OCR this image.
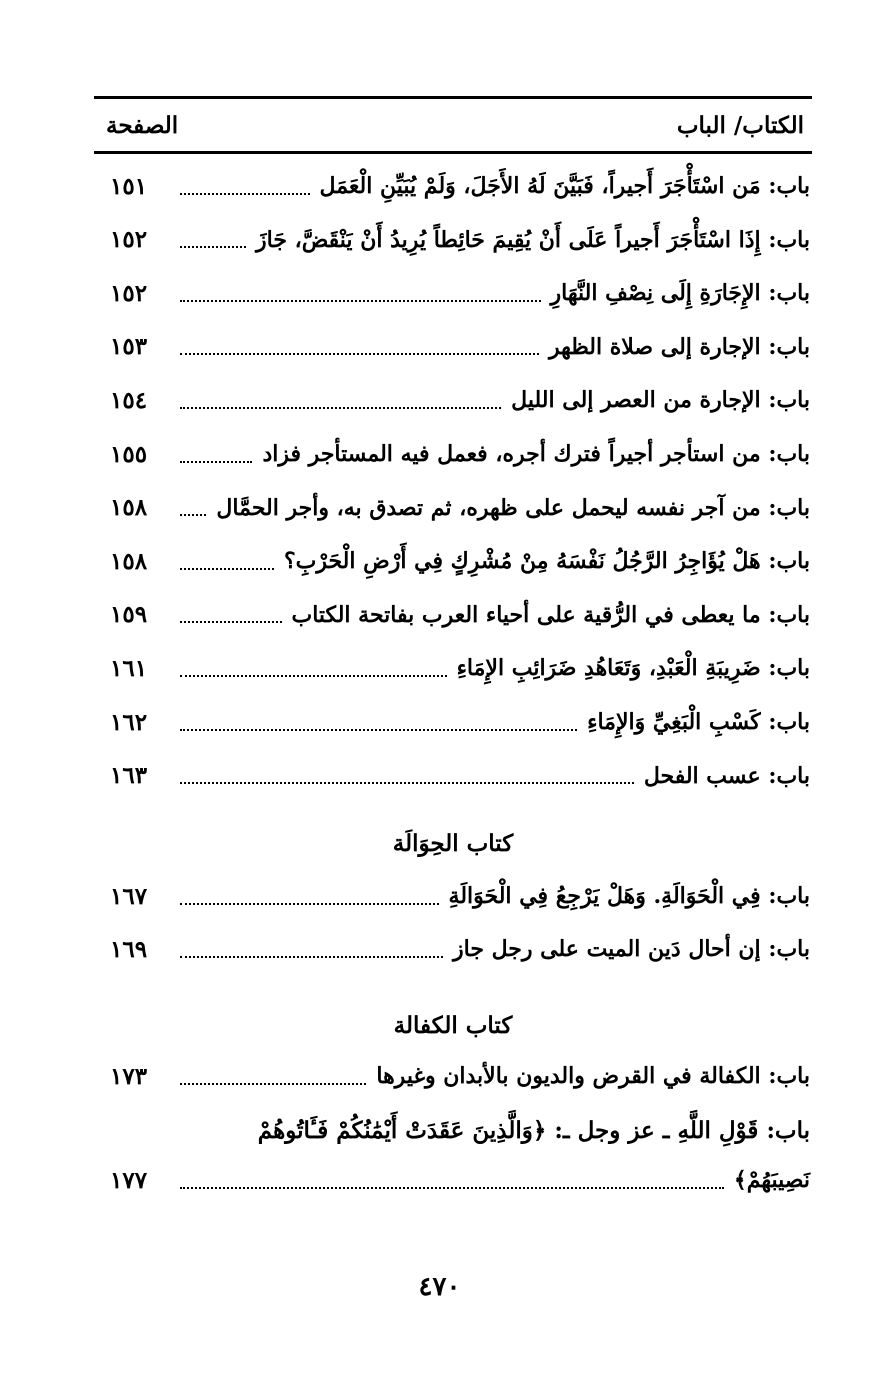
الكتاب/ الباب
الصفحة
باب: مَن اسْتَأْجَرَ أَجيراً، فَبَيَّنَ لَهُ الأَجَلَ، وَلَمْ يُبَيِّنِ الْعَمَل
١٥١
باب: إِذَا اسْتَأْجَرَ أَجيراً عَلَى أَنْ يُقِيمَ حَائِطاً يُرِيدُ أَنْ يَنْقَضَّ، جَازَ
١٥٢
باب: الإِجَارَةِ إِلَى نِصْفِ النَّهَارِ
١٥٢
باب: الإجارة إلى صلاة الظهر
١٥٣
باب: الإجارة من العصر إلى الليل
١٥٤
باب: من استأجر أجيراً فترك أجره، فعمل فيه المستأجر فزاد
١٥٥
باب: من آجر نفسه ليحمل على ظهره، ثم تصدق به، وأجر الحمَّال
١٥٨
باب: هَلْ يُؤَاجِرُ الرَّجُلُ نَفْسَهُ مِنْ مُشْرِكٍ فِي أَرْضِ الْحَرْبِ؟
١٥٨
باب: ما يعطى في الرُّقية على أحياء العرب بفاتحة الكتاب
١٥٩
باب: ضَرِيبَةِ الْعَبْدِ، وَتَعَاهُدِ ضَرَائِبِ الإِمَاءِ
١٦١
باب: كَسْبِ الْبَغِيِّ وَالإِمَاءِ
١٦٢
باب: عسب الفحل
١٦٣
كتاب الحِوَالَة
باب: فِي الْحَوَالَةِ. وَهَلْ يَرْجِعُ فِي الْحَوَالَةِ
١٦٧
باب: إن أحال دَين الميت على رجل جاز
١٦٩
كتاب الكفالة
باب: الكفالة في القرض والديون بالأبدان وغيرها
١٧٣
باب:
قَوْلِ اللَّهِ ـ عز وجل ـ: ﴿وَالَّذِينَ عَقَدَتْ أَيْمَٰنُكُمْ فَـَٔاتُوهُمْ
نَصِيبَهُمْ﴾
١٧٧
٤٧٠
